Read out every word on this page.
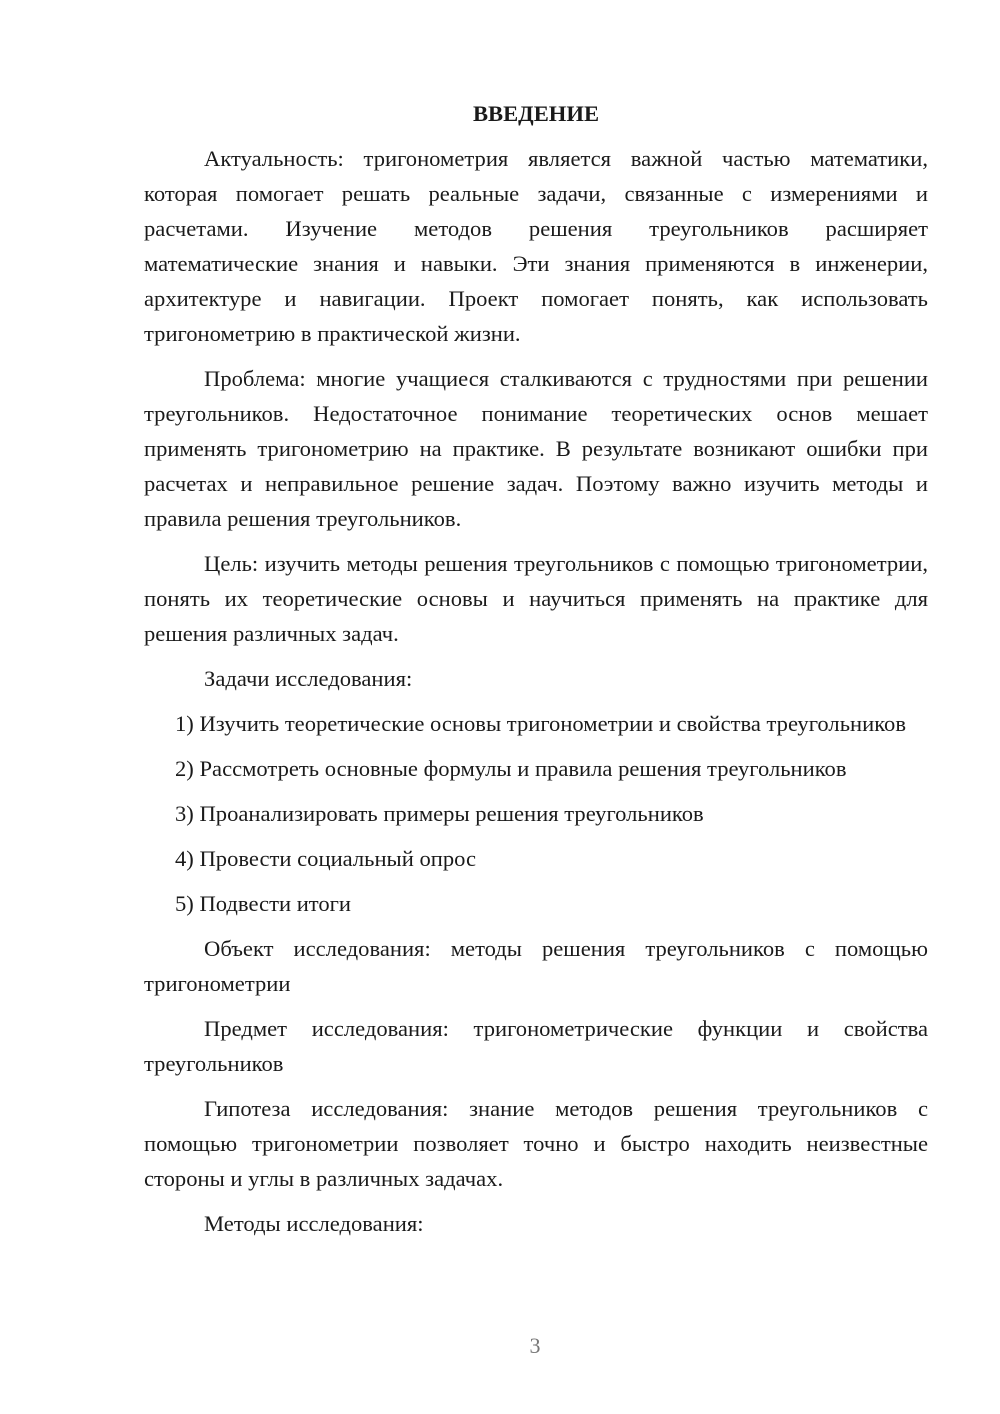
ВВЕДЕНИЕ

Актуальность: тригонометрия является важной частью математики, которая помогает решать реальные задачи, связанные с измерениями и расчетами. Изучение методов решения треугольников расширяет математические знания и навыки. Эти знания применяются в инженерии, архитектуре и навигации. Проект помогает понять, как использовать тригонометрию в практической жизни.

Проблема: многие учащиеся сталкиваются с трудностями при решении треугольников. Недостаточное понимание теоретических основ мешает применять тригонометрию на практике. В результате возникают ошибки при расчетах и неправильное решение задач. Поэтому важно изучить методы и правила решения треугольников.

Цель: изучить методы решения треугольников с помощью тригонометрии, понять их теоретические основы и научиться применять на практике для решения различных задач.

Задачи исследования:

1) Изучить теоретические основы тригонометрии и свойства треугольников

2) Рассмотреть основные формулы и правила решения треугольников

3) Проанализировать примеры решения треугольников

4) Провести социальный опрос

5) Подвести итоги

Объект исследования: методы решения треугольников с помощью тригонометрии

Предмет исследования: тригонометрические функции и свойства треугольников

Гипотеза исследования: знание методов решения треугольников с помощью тригонометрии позволяет точно и быстро находить неизвестные стороны и углы в различных задачах.

Методы исследования:

3
